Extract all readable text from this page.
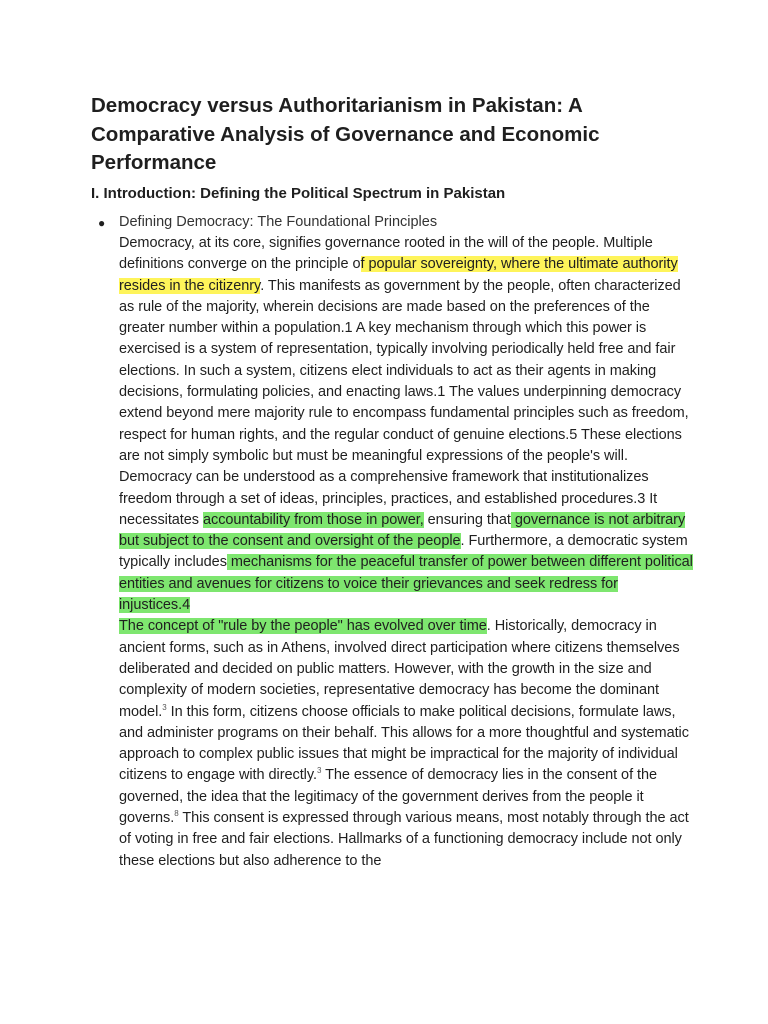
Democracy versus Authoritarianism in Pakistan: A Comparative Analysis of Governance and Economic Performance
I. Introduction: Defining the Political Spectrum in Pakistan
● Defining Democracy: The Foundational Principles

Democracy, at its core, signifies governance rooted in the will of the people. Multiple definitions converge on the principle of popular sovereignty, where the ultimate authority resides in the citizenry. This manifests as government by the people, often characterized as rule of the majority, wherein decisions are made based on the preferences of the greater number within a population.1 A key mechanism through which this power is exercised is a system of representation, typically involving periodically held free and fair elections. In such a system, citizens elect individuals to act as their agents in making decisions, formulating policies, and enacting laws.1 The values underpinning democracy extend beyond mere majority rule to encompass fundamental principles such as freedom, respect for human rights, and the regular conduct of genuine elections.5 These elections are not simply symbolic but must be meaningful expressions of the people's will. Democracy can be understood as a comprehensive framework that institutionalizes freedom through a set of ideas, principles, practices, and established procedures.3 It necessitates accountability from those in power, ensuring that governance is not arbitrary but subject to the consent and oversight of the people. Furthermore, a democratic system typically includes mechanisms for the peaceful transfer of power between different political entities and avenues for citizens to voice their grievances and seek redress for injustices.4
The concept of "rule by the people" has evolved over time. Historically, democracy in ancient forms, such as in Athens, involved direct participation where citizens themselves deliberated and decided on public matters. However, with the growth in the size and complexity of modern societies, representative democracy has become the dominant model.$^3$ In this form, citizens choose officials to make political decisions, formulate laws, and administer programs on their behalf. This allows for a more thoughtful and systematic approach to complex public issues that might be impractical for the majority of individual citizens to engage with directly.$^3$ The essence of democracy lies in the consent of the governed, the idea that the legitimacy of the government derives from the people it governs.$^8$ This consent is expressed through various means, most notably through the act of voting in free and fair elections. Hallmarks of a functioning democracy include not only these elections but also adherence to the
